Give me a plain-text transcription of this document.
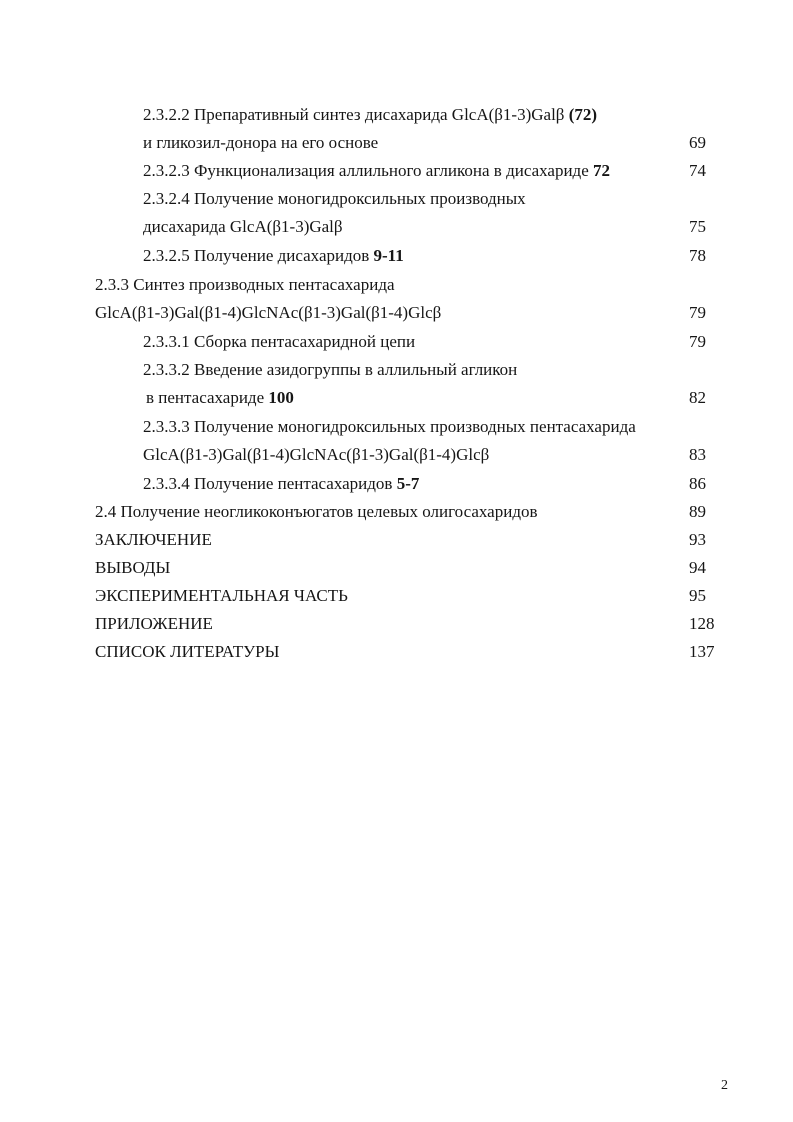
2.3.2.2 Препаративный синтез дисахарида GlcA(β1-3)Galβ (72)
и гликозил-донора на его основе	69
2.3.2.3 Функционализация аллильного агликона в дисахариде 72	74
2.3.2.4 Получение моногидроксильных производных
дисахарида GlcA(β1-3)Galβ	75
2.3.2.5 Получение дисахаридов 9-11	78
2.3.3 Синтез производных пентасахарида
GlcA(β1-3)Gal(β1-4)GlcNAc(β1-3)Gal(β1-4)Glcβ	79
2.3.3.1 Сборка пентасахаридной цепи	79
2.3.3.2 Введение азидогруппы в аллильный агликон
в пентасахариде 100	82
2.3.3.3 Получение моногидроксильных производных пентасахарида
GlcA(β1-3)Gal(β1-4)GlcNAc(β1-3)Gal(β1-4)Glcβ	83
2.3.3.4 Получение пентасахаридов 5-7	86
2.4 Получение неогликоконъюгатов целевых олигосахаридов	89
ЗАКЛЮЧЕНИЕ	93
ВЫВОДЫ	94
ЭКСПЕРИМЕНТАЛЬНАЯ ЧАСТЬ	95
ПРИЛОЖЕНИЕ	128
СПИСОК ЛИТЕРАТУРЫ	137
2
